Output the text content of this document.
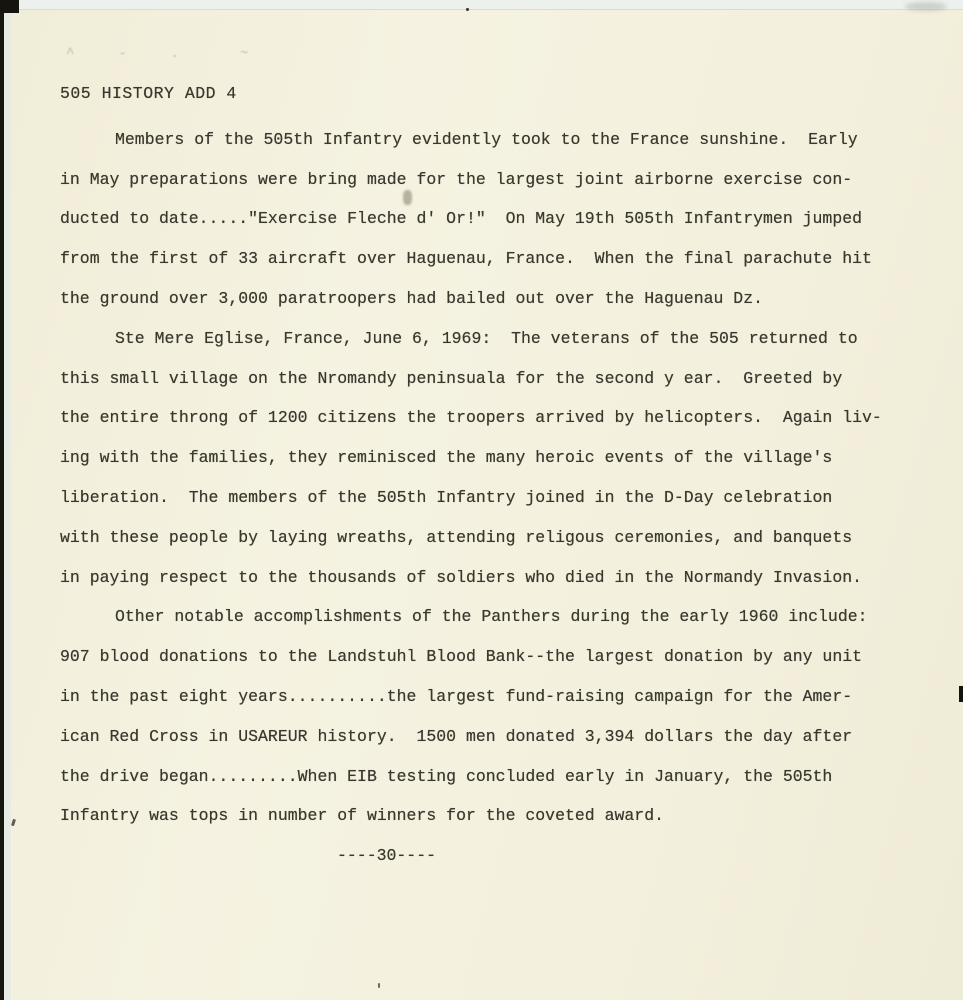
^  -  .   ~
505 HISTORY ADD 4
Members of the 505th Infantry evidently took to the France sunshine.  Early
in May preparations were bring made for the largest joint airborne exercise con-
ducted to date....."Exercise Fleche d' Or!"  On May 19th 505th Infantrymen jumped
from the first of 33 aircraft over Haguenau, France.  When the final parachute hit
the ground over 3,000 paratroopers had bailed out over the Haguenau Dz.
Ste Mere Eglise, France, June 6, 1969:  The veterans of the 505 returned to
this small village on the Nromandy peninsuala for the second y ear.  Greeted by
the entire throng of 1200 citizens the troopers arrived by helicopters.  Again liv-
ing with the families, they reminisced the many heroic events of the village's
liberation.  The members of the 505th Infantry joined in the D-Day celebration
with these people by laying wreaths, attending religous ceremonies, and banquets
in paying respect to the thousands of soldiers who died in the Normandy Invasion.
Other notable accomplishments of the Panthers during the early 1960 include:
907 blood donations to the Landstuhl Blood Bank--the largest donation by any unit
in the past eight years..........the largest fund-raising campaign for the Amer-
ican Red Cross in USAREUR history.  1500 men donated 3,394 dollars the day after
the drive began.........When EIB testing concluded early in January, the 505th
Infantry was tops in number of winners for the coveted award.
----30----
